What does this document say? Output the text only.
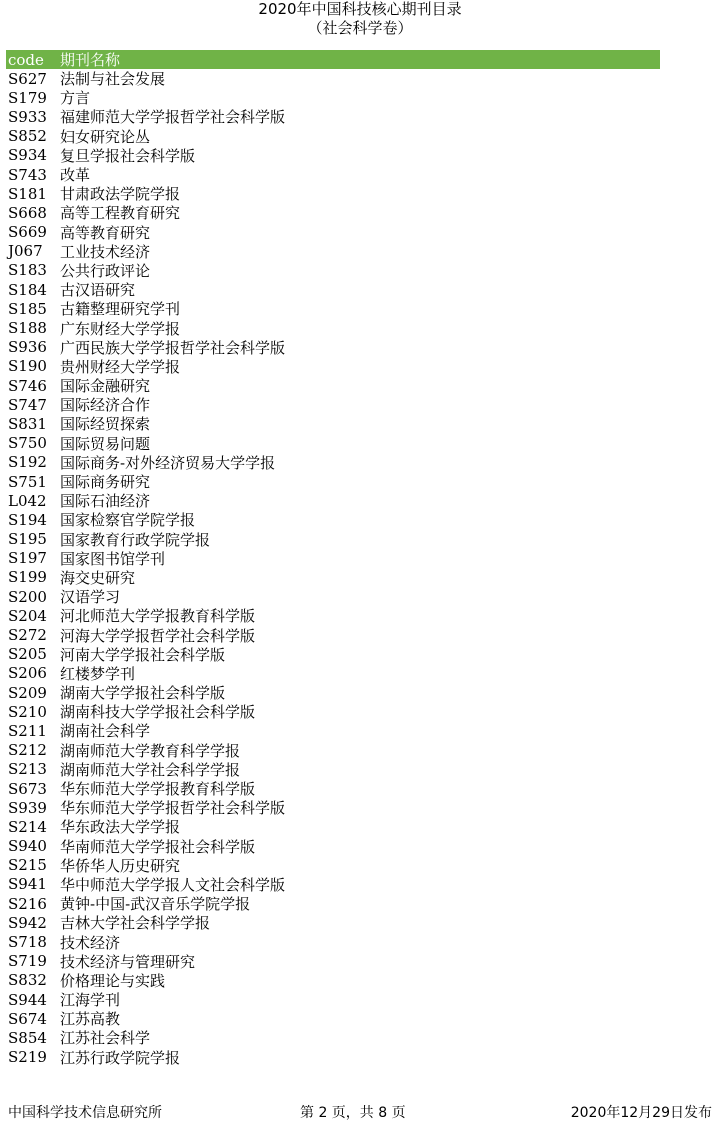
2020年中国科技核心期刊目录
（社会科学卷）
code	期刊名称
S627 法制与社会发展
S179 方言
S933 福建师范大学学报哲学社会科学版
S852 妇女研究论丛
S934 复旦学报社会科学版
S743 改革
S181 甘肃政法学院学报
S668 高等工程教育研究
S669 高等教育研究
J067	工业技术经济
S183 公共行政评论
S184 古汉语研究
S185 古籍整理研究学刊
S188 广东财经大学学报
S936 广西民族大学学报哲学社会科学版
S190 贵州财经大学学报
S746 国际金融研究
S747 国际经济合作
S831 国际经贸探索
S750 国际贸易问题
S192 国际商务-对外经济贸易大学学报
S751 国际商务研究
L042 国际石油经济
S194 国家检察官学院学报
S195 国家教育行政学院学报
S197 国家图书馆学刊
S199 海交史研究
S200 汉语学习
S204 河北师范大学学报教育科学版
S272 河海大学学报哲学社会科学版
S205 河南大学学报社会科学版
S206 红楼梦学刊
S209 湖南大学学报社会科学版
S210 湖南科技大学学报社会科学版
S211 湖南社会科学
S212 湖南师范大学教育科学学报
S213 湖南师范大学社会科学学报
S673 华东师范大学学报教育科学版
S939 华东师范大学学报哲学社会科学版
S214 华东政法大学学报
S940 华南师范大学学报社会科学版
S215 华侨华人历史研究
S941 华中师范大学学报人文社会科学版
S216 黄钟-中国-武汉音乐学院学报
S942 吉林大学社会科学学报
S718 技术经济
S719 技术经济与管理研究
S832 价格理论与实践
S944 江海学刊
S674 江苏高教
S854 江苏社会科学
S219 江苏行政学院学报
中国科学技术信息研究所	第 2 页，共 8 页	2020年12月29日发布
